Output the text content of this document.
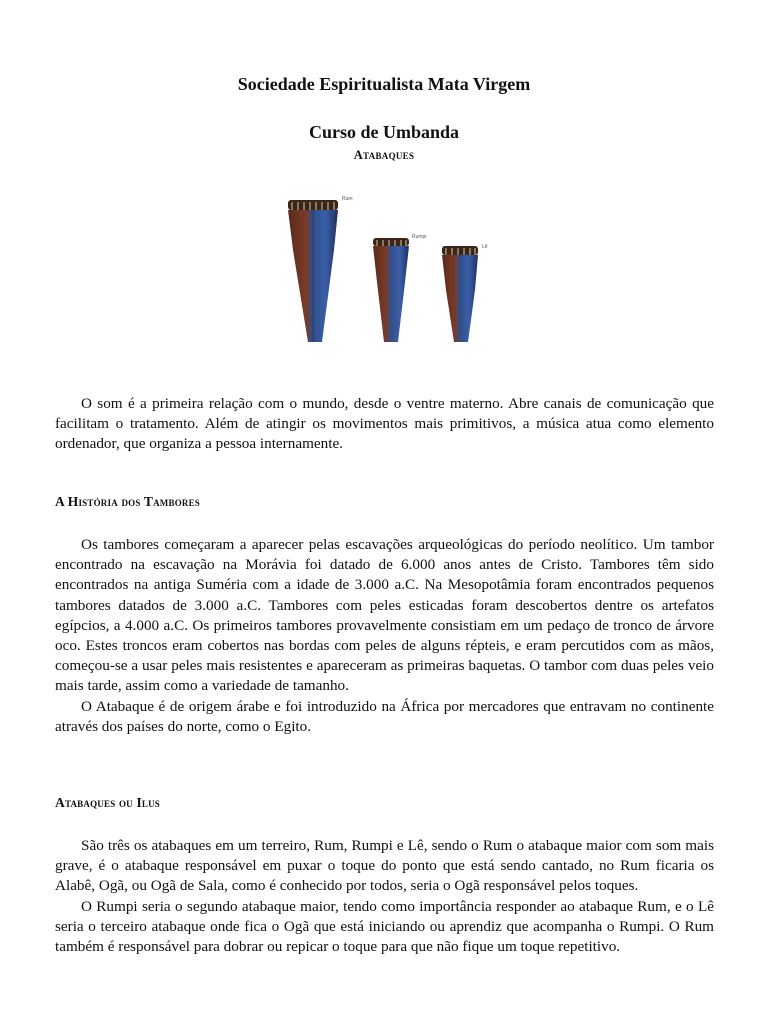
Sociedade Espiritualista Mata Virgem
Curso de Umbanda
Atabaques
Rum
Rumpi
Lê

O som é a primeira relação com o mundo, desde o ventre materno. Abre canais de comunicação que facilitam o tratamento. Além de atingir os movimentos mais primitivos, a música atua como elemento ordenador, que organiza a pessoa internamente.

A História dos Tambores

Os tambores começaram a aparecer pelas escavações arqueológicas do período neolítico. Um tambor encontrado na escavação na Morávia foi datado de 6.000 anos antes de Cristo. Tambores têm sido encontrados na antiga Suméria com a idade de 3.000 a.C. Na Mesopotâmia foram encontrados pequenos tambores datados de 3.000 a.C. Tambores com peles esticadas foram descobertos dentre os artefatos egípcios, a 4.000 a.C. Os primeiros tambores provavelmente consistiam em um pedaço de tronco de árvore oco. Estes troncos eram cobertos nas bordas com peles de alguns répteis, e eram percutidos com as mãos, começou-se a usar peles mais resistentes e apareceram as primeiras baquetas. O tambor com duas peles veio mais tarde, assim como a variedade de tamanho.

O Atabaque é de origem árabe e foi introduzido na África por mercadores que entravam no continente através dos países do norte, como o Egito.

Atabaques ou Ilus

São três os atabaques em um terreiro, Rum, Rumpi e Lê, sendo o Rum o atabaque maior com som mais grave, é o atabaque responsável em puxar o toque do ponto que está sendo cantado, no Rum ficaria os Alabê, Ogã, ou Ogã de Sala, como é conhecido por todos, seria o Ogã responsável pelos toques.

O Rumpi seria o segundo atabaque maior, tendo como importância responder ao atabaque Rum, e o Lê seria o terceiro atabaque onde fica o Ogã que está iniciando ou aprendiz que acompanha o Rumpi. O Rum também é responsável para dobrar ou repicar o toque para que não fique um toque repetitivo.
